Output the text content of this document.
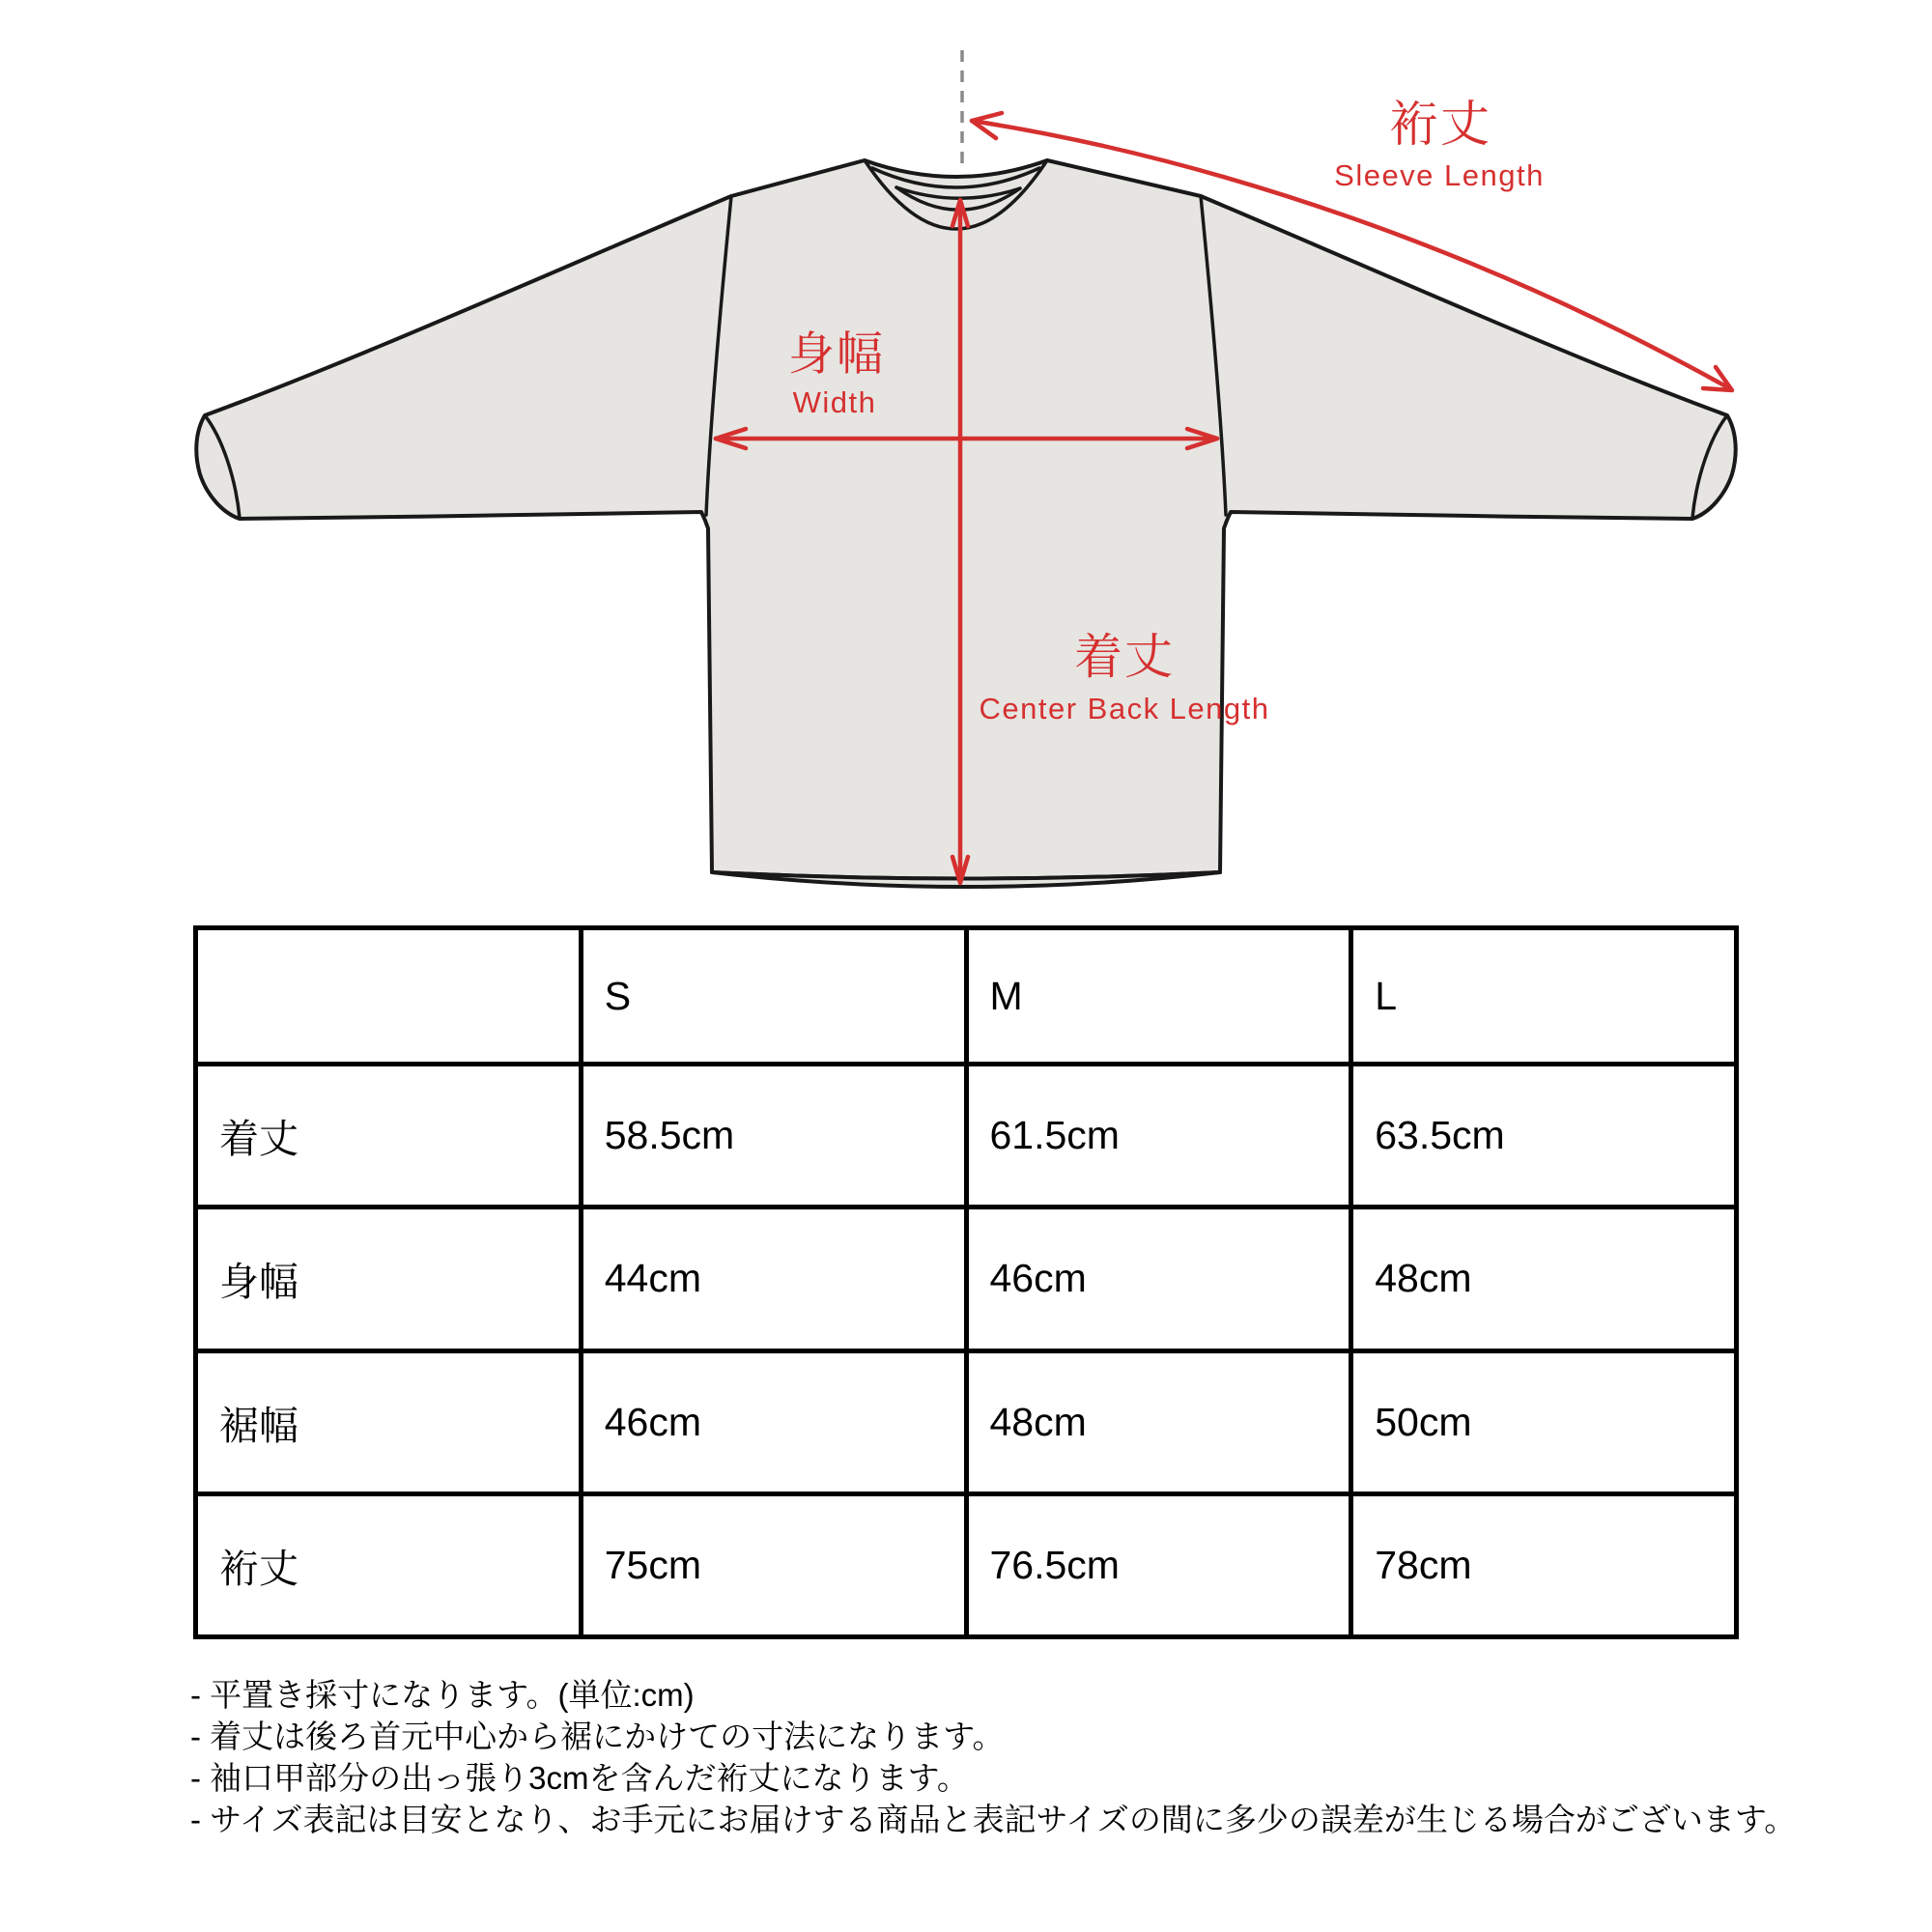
裄丈
Sleeve Length
身幅
Width
着丈
Center Back Length
	S	M	L
着丈	58.5cm	61.5cm	63.5cm
身幅	44cm	46cm	48cm
裾幅	46cm	48cm	50cm
裄丈	75cm	76.5cm	78cm
- 平置き採寸になります。(単位:cm)
- 着丈は後ろ首元中心から裾にかけての寸法になります。
- 袖口甲部分の出っ張り3cmを含んだ裄丈になります。
- サイズ表記は目安となり、お手元にお届けする商品と表記サイズの間に多少の誤差が生じる場合がございます。
